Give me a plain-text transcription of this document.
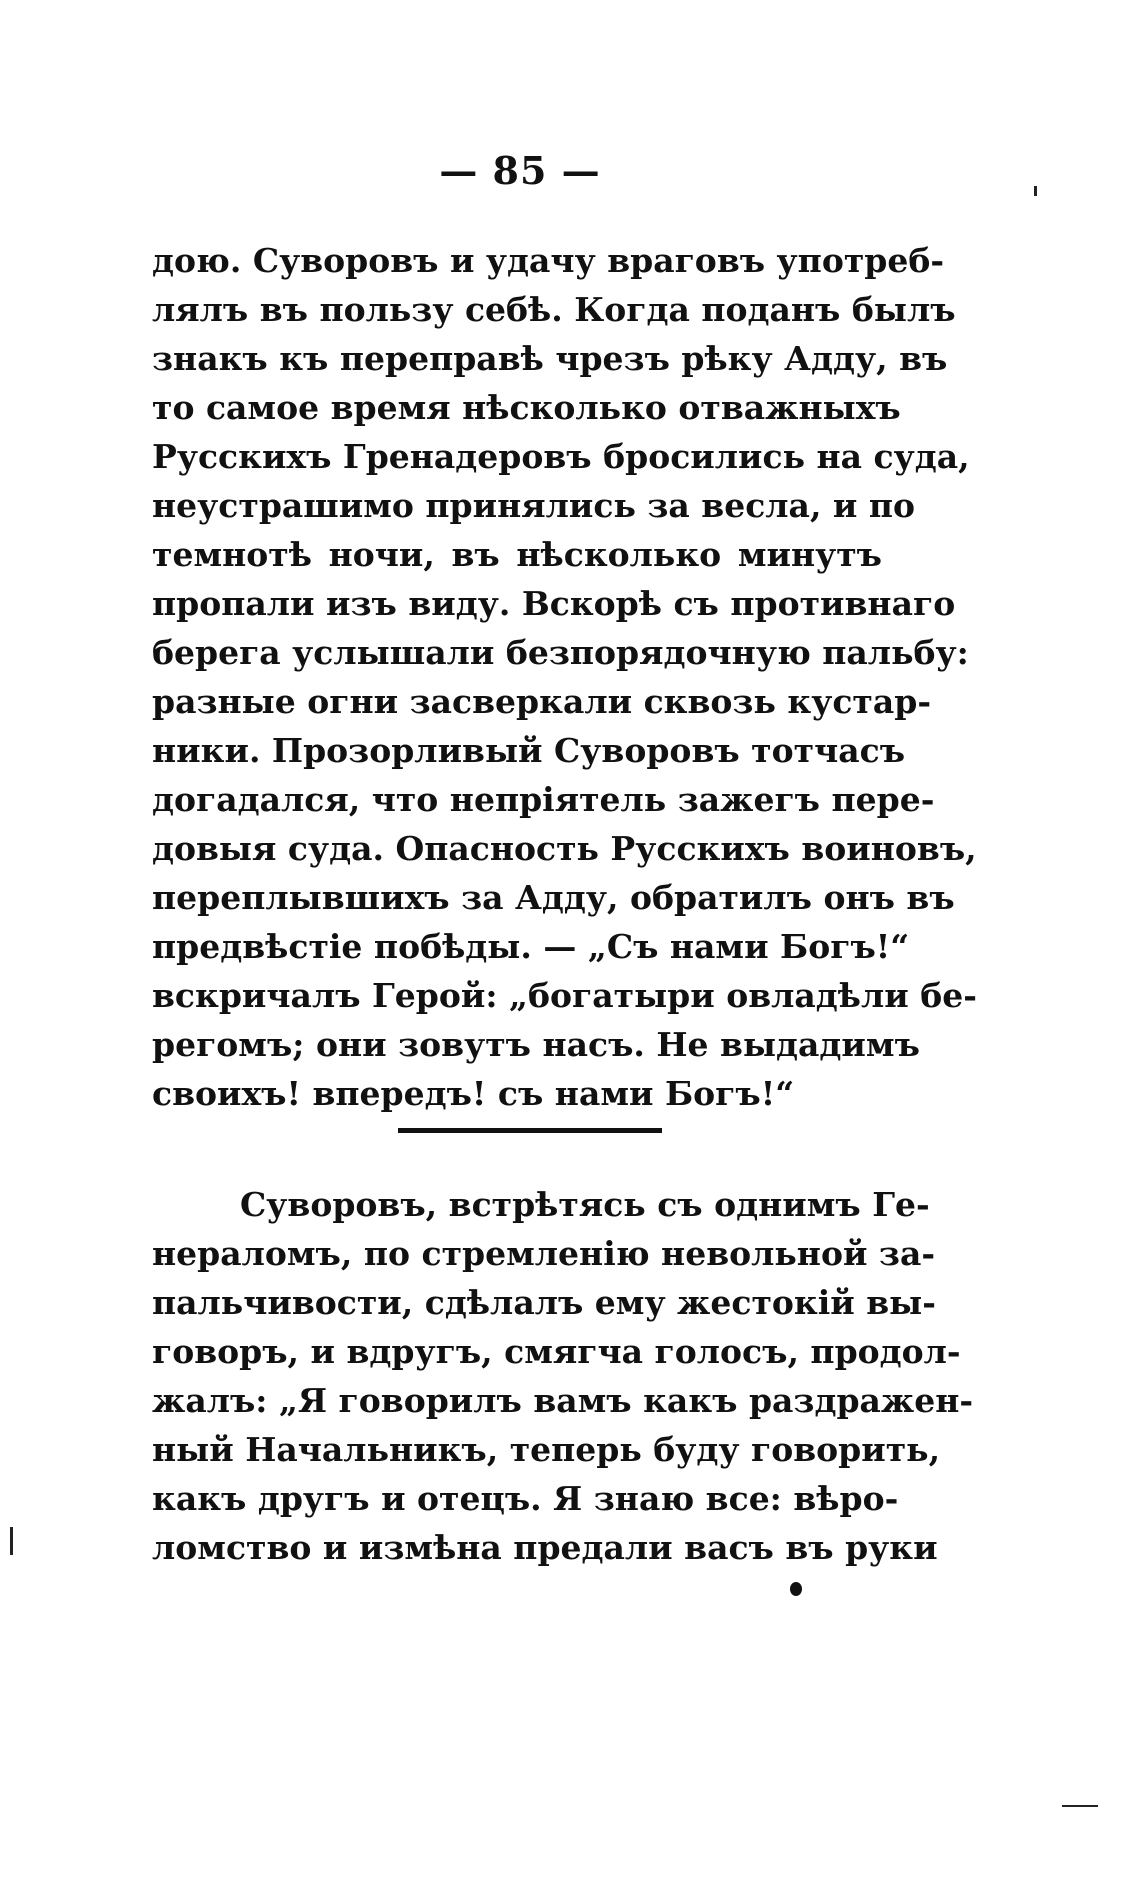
— 85 —
дою. Суворовъ и удачу враговъ употреб-
лялъ въ пользу себѣ. Когда поданъ былъ
знакъ къ переправѣ чрезъ рѣку Адду, въ
то самое время нѣсколько отважныхъ
Русскихъ Гренадеровъ бросились на суда,
неустрашимо принялись за весла, и по
темнотѣ ночи, въ нѣсколько минутъ
пропали изъ виду. Вскорѣ съ противнаго
берега услышали безпорядочную пальбу:
разные огни засверкали сквозь кустар-
ники. Прозорливый Суворовъ тотчасъ
догадался, что непріятель зажегъ пере-
довыя суда. Опасность Русскихъ воиновъ,
переплывшихъ за Адду, обратилъ онъ въ
предвѣстіе побѣды. — „Съ нами Богъ!“
вскричалъ Герой: „богатыри овладѣли бе-
регомъ; они зовутъ насъ. Не выдадимъ
своихъ! впередъ! съ нами Богъ!“
Суворовъ, встрѣтясь съ однимъ Ге-
нераломъ, по стремленію невольной за-
пальчивости, сдѣлалъ ему жестокій вы-
говоръ, и вдругъ, смягча голосъ, продол-
жалъ: „Я говорилъ вамъ какъ раздражен-
ный Начальникъ, теперь буду говорить,
какъ другъ и отецъ. Я знаю все: вѣро-
ломство и измѣна предали васъ въ руки
